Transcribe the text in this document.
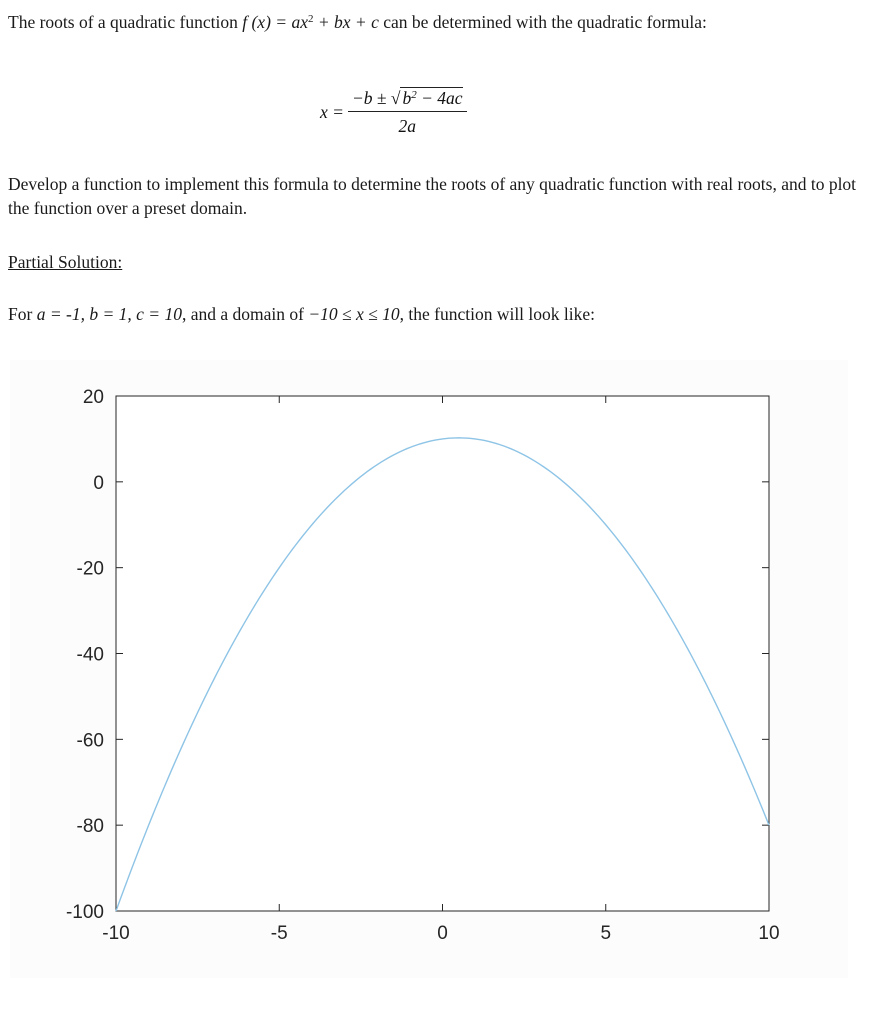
The roots of a quadratic function f $(x) = ax^2$ + bx + c can be determined with the quadratic formula:

$x = \frac{-b \pm √ b^2 - 4ac}{2a}$

Develop a function to implement this formula to determine the roots of any quadratic function with real roots, and to plot the function over a preset domain.

Partial Solution:

For a = -1, b = 1, c = 10, and a domain of −10 ≤ x ≤ 10, the function will look like:

-10	-5	0	5	10
-100
-80
-60
-40
-20
0
20
